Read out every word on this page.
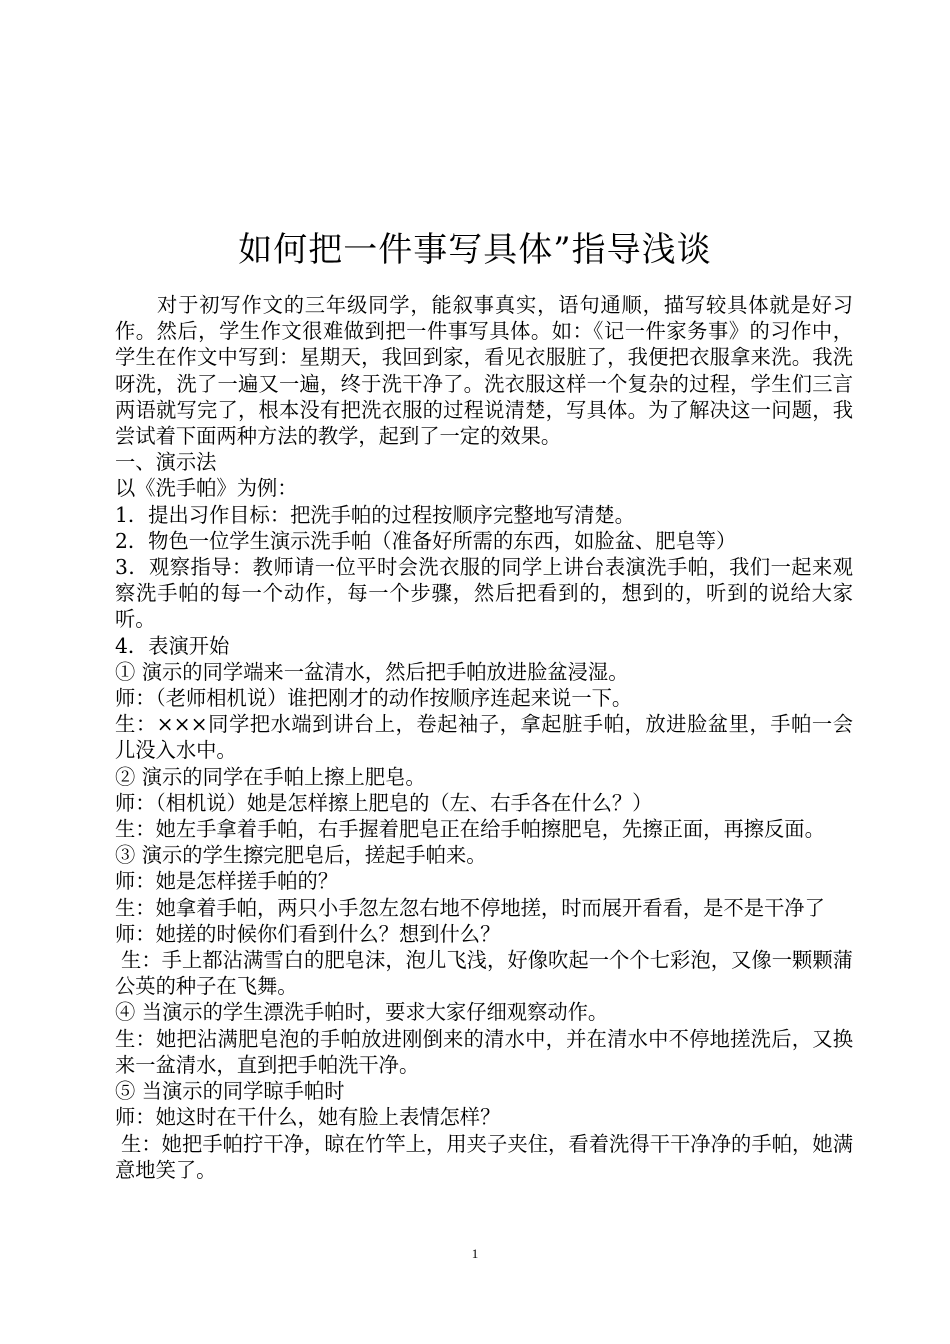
如何把一件事写具体”指导浅谈

对于初写作文的三年级同学，能叙事真实，语句通顺，描写较具体就是好习作。然后，学生作文很难做到把一件事写具体。如：《记一件家务事》的习作中，学生在作文中写到：星期天，我回到家，看见衣服脏了，我便把衣服拿来洗。我洗呀洗，洗了一遍又一遍，终于洗干净了。洗衣服这样一个复杂的过程，学生们三言两语就写完了，根本没有把洗衣服的过程说清楚，写具体。为了解决这一问题，我尝试着下面两种方法的教学，起到了一定的效果。

一、演示法

以《洗手帕》为例：

1．提出习作目标：把洗手帕的过程按顺序完整地写清楚。

2．物色一位学生演示洗手帕（准备好所需的东西，如脸盆、肥皂等）

3．观察指导：教师请一位平时会洗衣服的同学上讲台表演洗手帕，我们一起来观察洗手帕的每一个动作，每一个步骤，然后把看到的，想到的，听到的说给大家听。

4．表演开始

① 演示的同学端来一盆清水，然后把手帕放进脸盆浸湿。

师：（老师相机说）谁把刚才的动作按顺序连起来说一下。

生：×××同学把水端到讲台上，卷起袖子，拿起脏手帕，放进脸盆里，手帕一会儿没入水中。

② 演示的同学在手帕上擦上肥皂。

师：（相机说）她是怎样擦上肥皂的（左、右手各在什么？）

生：她左手拿着手帕，右手握着肥皂正在给手帕擦肥皂，先擦正面，再擦反面。

③ 演示的学生擦完肥皂后，搓起手帕来。

师：她是怎样搓手帕的？

生：她拿着手帕，两只小手忽左忽右地不停地搓，时而展开看看，是不是干净了

师：她搓的时候你们看到什么？想到什么？

生：手上都沾满雪白的肥皂沫，泡儿飞浅，好像吹起一个个七彩泡，又像一颗颗蒲公英的种子在飞舞。

④ 当演示的学生漂洗手帕时，要求大家仔细观察动作。

生：她把沾满肥皂泡的手帕放进刚倒来的清水中，并在清水中不停地搓洗后，又换来一盆清水，直到把手帕洗干净。

⑤ 当演示的同学晾手帕时

师：她这时在干什么，她有脸上表情怎样？

生：她把手帕拧干净，晾在竹竿上，用夹子夹住，看着洗得干干净净的手帕，她满意地笑了。

1
